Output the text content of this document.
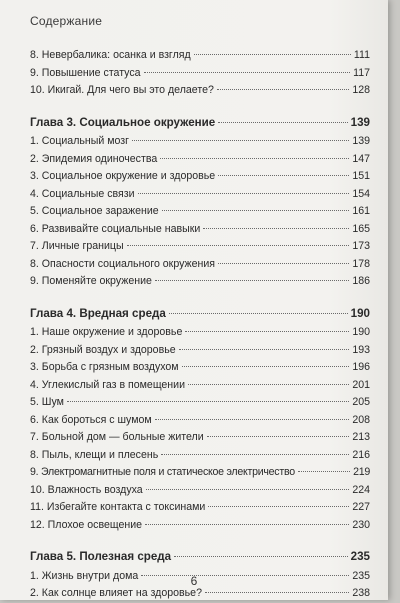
Содержание
8. Невербалика: осанка и взгляд	111
9. Повышение статуса	117
10. Икигай. Для чего вы это делаете?	128
Глава 3. Социальное окружение	139
1. Социальный мозг	139
2. Эпидемия одиночества	147
3. Социальное окружение и здоровье	151
4. Социальные связи	154
5. Социальное заражение	161
6. Развивайте социальные навыки	165
7. Личные границы	173
8. Опасности социального окружения	178
9. Поменяйте окружение	186
Глава 4. Вредная среда	190
1. Наше окружение и здоровье	190
2. Грязный воздух и здоровье	193
3. Борьба с грязным воздухом	196
4. Углекислый газ в помещении	201
5. Шум	205
6. Как бороться с шумом	208
7. Больной дом — больные жители	213
8. Пыль, клещи и плесень	216
9. Электромагнитные поля и статическое электричество	219
10. Влажность воздуха	224
11. Избегайте контакта с токсинами	227
12. Плохое освещение	230
Глава 5. Полезная среда	235
1. Жизнь внутри дома	235
2. Как солнце влияет на здоровье?	238
6
